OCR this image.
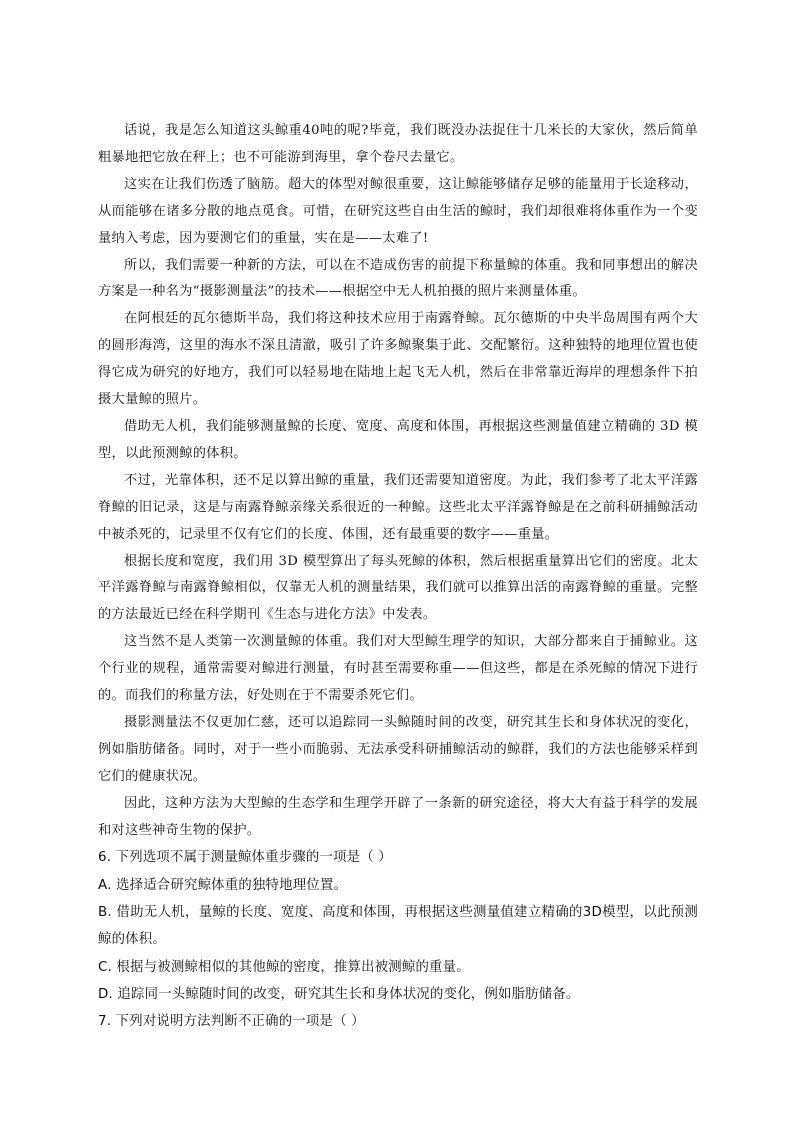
话说，我是怎么知道这头鲸重40吨的呢?毕竟，我们既没办法捉住十几米长的大家伙，然后简单粗暴地把它放在秤上；也不可能游到海里，拿个卷尺去量它。

这实在让我们伤透了脑筋。超大的体型对鲸很重要，这让鲸能够储存足够的能量用于长途移动，从而能够在诸多分散的地点觅食。可惜，在研究这些自由生活的鲸时，我们却很难将体重作为一个变量纳入考虑，因为要测它们的重量，实在是——太难了!

所以，我们需要一种新的方法，可以在不造成伤害的前提下称量鲸的体重。我和同事想出的解决方案是一种名为“摄影测量法”的技术——根据空中无人机拍摄的照片来测量体重。

在阿根廷的瓦尔德斯半岛，我们将这种技术应用于南露脊鲸。瓦尔德斯的中央半岛周围有两个大的圆形海湾，这里的海水不深且清澈，吸引了许多鲸聚集于此、交配繁衍。这种独特的地理位置也使得它成为研究的好地方，我们可以轻易地在陆地上起飞无人机，然后在非常靠近海岸的理想条件下拍摄大量鲸的照片。

借助无人机，我们能够测量鲸的长度、宽度、高度和体围，再根据这些测量值建立精确的 3D 模型，以此预测鲸的体积。

不过，光靠体积，还不足以算出鲸的重量，我们还需要知道密度。为此，我们参考了北太平洋露脊鲸的旧记录，这是与南露脊鲸亲缘关系很近的一种鲸。这些北太平洋露脊鲸是在之前科研捕鲸活动中被杀死的，记录里不仅有它们的长度、体围，还有最重要的数字——重量。

根据长度和宽度，我们用 3D 模型算出了每头死鲸的体积，然后根据重量算出它们的密度。北太平洋露脊鲸与南露脊鲸相似，仅靠无人机的测量结果，我们就可以推算出活的南露脊鲸的重量。完整的方法最近已经在科学期刊《生态与进化方法》中发表。

这当然不是人类第一次测量鲸的体重。我们对大型鲸生理学的知识，大部分都来自于捕鲸业。这个行业的规程，通常需要对鲸进行测量，有时甚至需要称重——但这些，都是在杀死鲸的情况下进行的。而我们的称量方法，好处则在于不需要杀死它们。

摄影测量法不仅更加仁慈，还可以追踪同一头鲸随时间的改变，研究其生长和身体状况的变化，例如脂肪储备。同时，对于一些小而脆弱、无法承受科研捕鲸活动的鲸群，我们的方法也能够采样到它们的健康状况。

因此，这种方法为大型鲸的生态学和生理学开辟了一条新的研究途径，将大大有益于科学的发展和对这些神奇生物的保护。

6. 下列选项不属于测量鲸体重步骤的一项是（ ）

A. 选择适合研究鲸体重的独特地理位置。

B. 借助无人机，量鲸的长度、宽度、高度和体围，再根据这些测量值建立精确的3D模型，以此预测鲸的体积。

C. 根据与被测鲸相似的其他鲸的密度，推算出被测鲸的重量。

D. 追踪同一头鲸随时间的改变，研究其生长和身体状况的变化，例如脂肪储备。

7. 下列对说明方法判断不正确的一项是（ ）
